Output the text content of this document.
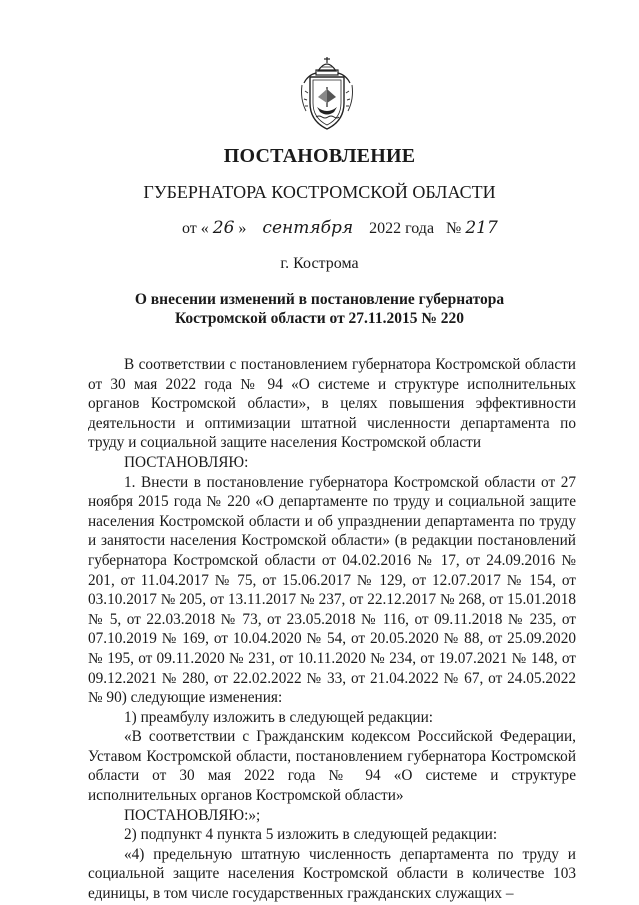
ПОСТАНОВЛЕНИЕ
ГУБЕРНАТОРА КОСТРОМСКОЙ ОБЛАСТИ
от « 26 » сентября 2022 года № 217
г. Кострома
О внесении изменений в постановление губернатора
Костромской области от 27.11.2015 № 220

В соответствии с постановлением губернатора Костромской области от 30 мая 2022 года № 94 «О системе и структуре исполнительных органов Костромской области», в целях повышения эффективности деятельности и оптимизации штатной численности департамента по труду и социальной защите населения Костромской области

ПОСТАНОВЛЯЮ:

1. Внести в постановление губернатора Костромской области от 27 ноября 2015 года № 220 «О департаменте по труду и социальной защите населения Костромской области и об упразднении департамента по труду и занятости населения Костромской области» (в редакции постановлений губернатора Костромской области от 04.02.2016 № 17, от 24.09.2016 № 201, от 11.04.2017 № 75, от 15.06.2017 № 129, от 12.07.2017 № 154, от 03.10.2017 № 205, от 13.11.2017 № 237, от 22.12.2017 № 268, от 15.01.2018 № 5, от 22.03.2018 № 73, от 23.05.2018 № 116, от 09.11.2018 № 235, от 07.10.2019 № 169, от 10.04.2020 № 54, от 20.05.2020 № 88, от 25.09.2020 № 195, от 09.11.2020 № 231, от 10.11.2020 № 234, от 19.07.2021 № 148, от 09.12.2021 № 280, от 22.02.2022 № 33, от 21.04.2022 № 67, от 24.05.2022 № 90) следующие изменения:

1) преамбулу изложить в следующей редакции:

«В соответствии с Гражданским кодексом Российской Федерации, Уставом Костромской области, постановлением губернатора Костромской области от 30 мая 2022 года № 94 «О системе и структуре исполнительных органов Костромской области»

ПОСТАНОВЛЯЮ:»;

2) подпункт 4 пункта 5 изложить в следующей редакции:

«4) предельную штатную численность департамента по труду и социальной защите населения Костромской области в количестве 103 единицы, в том числе государственных гражданских служащих –
